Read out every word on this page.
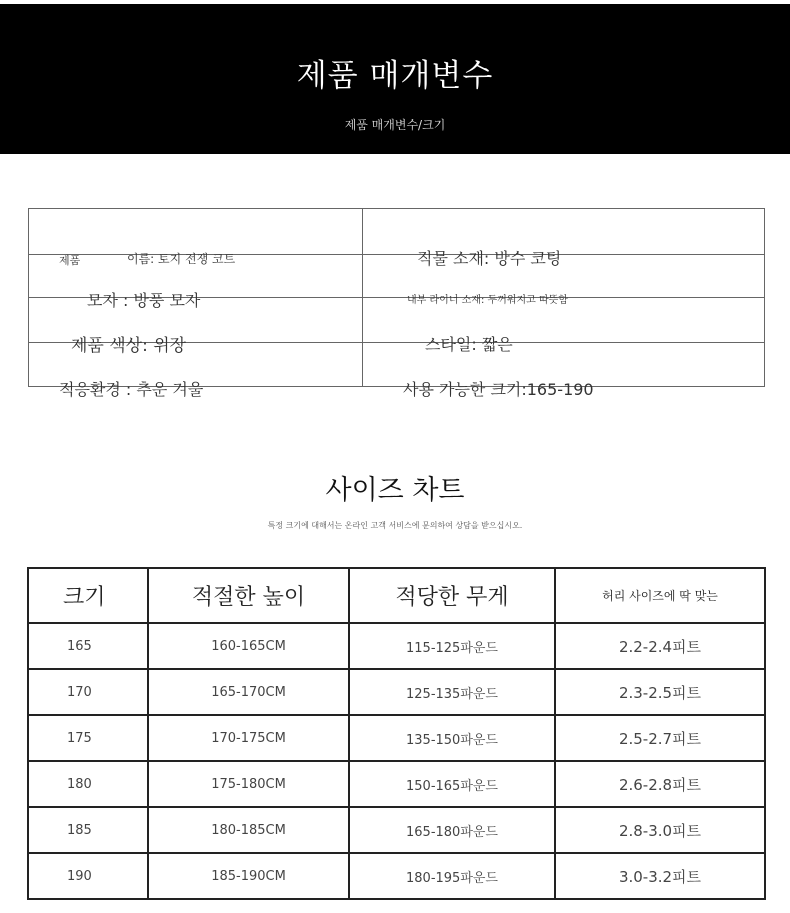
제품 매개변수
제품 매개변수/크기
제품 이름: 토지 전쟁 코트	직물 소재: 방수 코팅

모자 : 방풍 모자	내부 라이너 소재: 두꺼워지고 따뜻함

제품 색상: 위장	스타일: 짧은

적응환경 : 추운 겨울	사용 가능한 크기:165-190
사이즈 차트
특정 크기에 대해서는 온라인 고객 서비스에 문의하여 상담을 받으십시오.
크기	적절한 높이	적당한 무게	허리 사이즈에 딱 맞는
165	160-165CM	115-125파운드	2.2-2.4피트
170	165-170CM	125-135파운드	2.3-2.5피트
175	170-175CM	135-150파운드	2.5-2.7피트
180	175-180CM	150-165파운드	2.6-2.8피트
185	180-185CM	165-180파운드	2.8-3.0피트
190	185-190CM	180-195파운드	3.0-3.2피트
